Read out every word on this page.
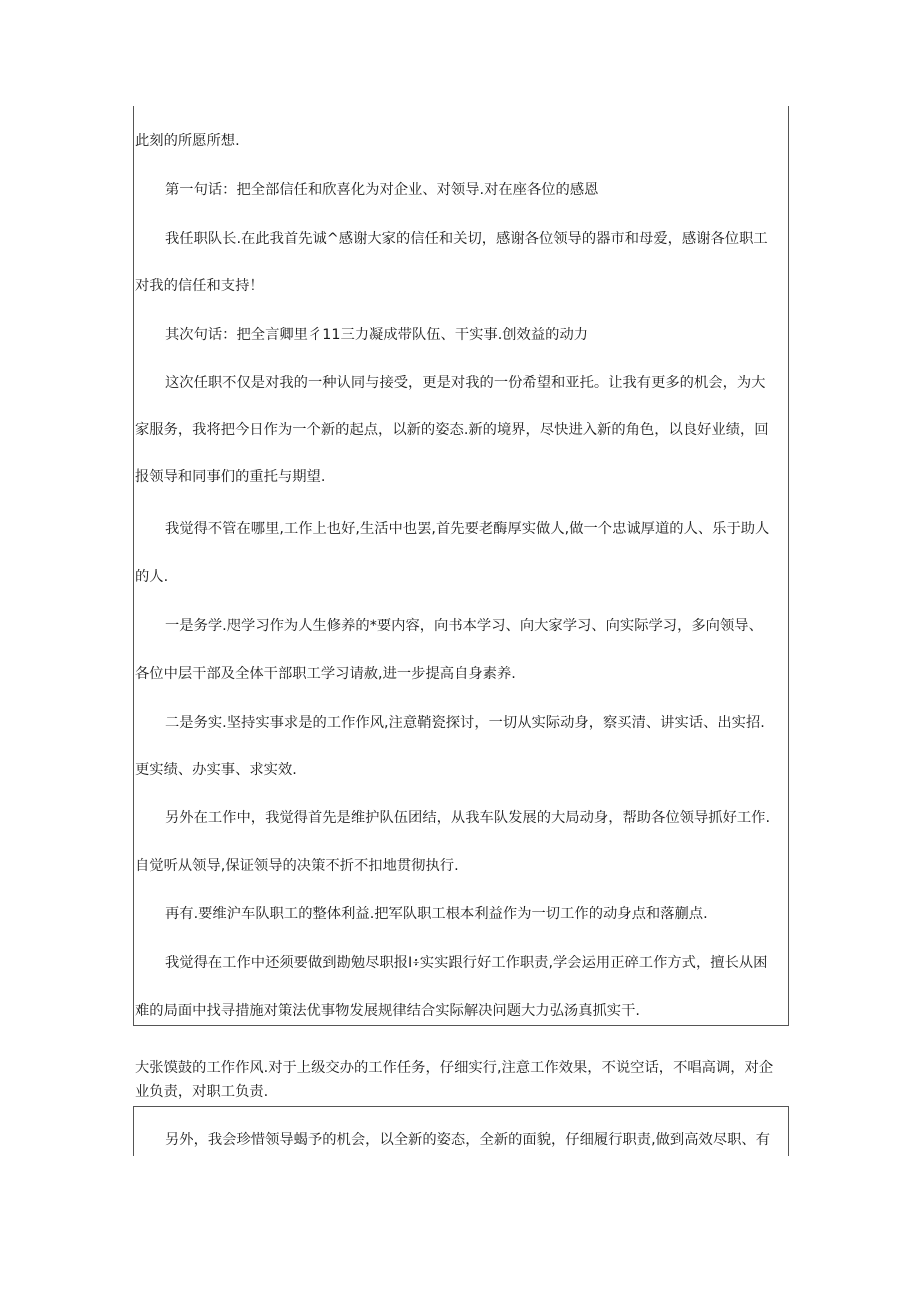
此刻的所愿所想.
第一句话：把全部信任和欣喜化为对企业、对领导.对在座各位的感恩
我任职队长.在此我首先诚^感谢大家的信任和关切，感谢各位领导的器市和母爱，感谢各位职工
对我的信任和支持！
其次句话：把全言卿里彳11三力凝成带队伍、干实事.创效益的动力
这次任职不仅是对我的一种认同与接受，更是对我的一份希望和亚托。让我有更多的机会，为大
家服务，我将把今日作为一个新的起点，以新的姿态.新的境界，尽快进入新的角色，以良好业绩，回
报领导和同事们的重托与期望.
我觉得不管在哪里,工作上也好,生活中也罢,首先要老酶厚实做人,做一个忠诚厚道的人、乐于助人
的人.
一是务学.咫学习作为人生修养的*要内容，向书本学习、向大家学习、向实际学习，多向领导、
各位中层干部及全体干部职工学习请赦,进一步提高自身素养.
二是务实.坚持实事求是的工作作风,注意鞘瓷探讨，一切从实际动身，察买清、讲实话、出实招.
更实绩、办实事、求实效.
另外在工作中，我觉得首先是维护队伍团结，从我车队发展的大局动身，帮助各位领导抓好工作.
自觉听从领导,保证领导的决策不折不扣地贯彻执行.
再有.要维沪车队职工的整体利益.把军队职工根本利益作为一切工作的动身点和落蒯点.
我觉得在工作中还须要做到勘勉尽职报I፥实实跟行好工作职责,学会运用正碎工作方式，擅长从困
难的局面中找寻措施对策法优事物发展规律结合实际解决问题大力弘汤真抓实干.
大张馍鼓的工作作风.对于上级交办的工作任务，仔细实行,注意工作效果，不说空话，不唱高调，对企
业负责，对职工负责.
另外，我会珍惜领导蝎予的机会，以全新的姿态，全新的面貌，仔细履行职责,做到高效尽职、有
